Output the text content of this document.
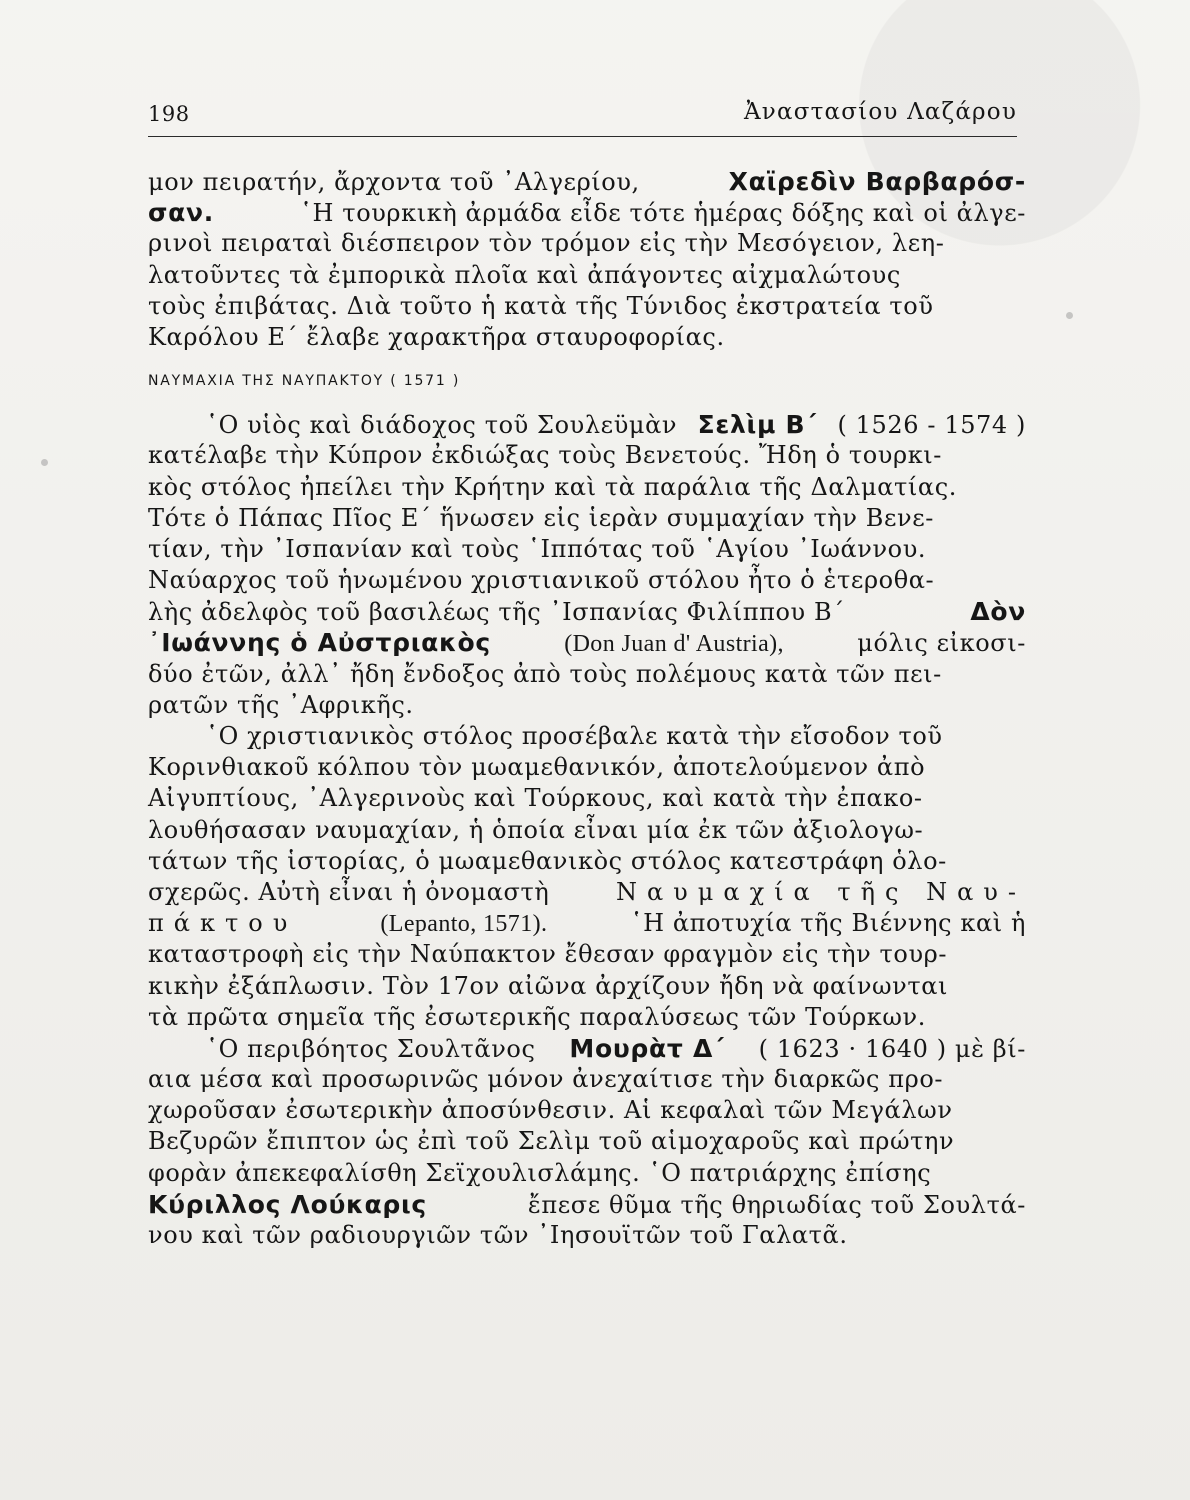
198	Ἀναστασίου Λαζάρου
μον πειρατήν, ἄρχοντα τοῦ ᾿Αλγερίου,	Χαϊρεδὶν Βαρβαρόσ-
σαν.	῾Η τουρκικὴ ἀρμάδα εἶδε τότε ἡμέρας δόξης καὶ οἱ ἀλγε-
ρινοὶ πειραταὶ διέσπειρον τὸν τρόμον εἰς τὴν Μεσόγειον, λεη-
λατοῦντες τὰ ἐμπορικὰ πλοῖα καὶ ἀπάγοντες αἰχμαλώτους
τοὺς ἐπιβάτας. Διὰ τοῦτο ἡ κατὰ τῆς Τύνιδος ἐκστρατεία τοῦ
Καρόλου Ε΄ ἔλαβε χαρακτῆρα σταυροφορίας.
ΝΑΥΜΑΧΙΑ ΤΗΣ ΝΑΥΠΑΚΤΟΥ ( 1571 )
῾Ο υἱὸς καὶ διάδοχος τοῦ Σουλεϋμὰν Σελὶμ Β΄ ( 1526 - 1574 )
κατέλαβε τὴν Κύπρον ἐκδιώξας τοὺς Βενετούς. Ἤδη ὁ τουρκι-
κὸς στόλος ἠπείλει τὴν Κρήτην καὶ τὰ παράλια τῆς Δαλματίας.
Τότε ὁ Πάπας Πῖος Ε΄ ἥνωσεν εἰς ἱερὰν συμμαχίαν τὴν Βενε-
τίαν, τὴν ᾿Ισπανίαν καὶ τοὺς ῾Ιππότας τοῦ ῾Αγίου ᾿Ιωάννου.
Ναύαρχος τοῦ ἡνωμένου χριστιανικοῦ στόλου ἦτο ὁ ἑτεροθα-
λὴς ἀδελφὸς τοῦ βασιλέως τῆς ᾿Ισπανίας Φιλίππου Β΄	Δὸν
᾿Ιωάννης ὁ Αὐστριακὸς	(Don Juan d' Austria),	μόλις εἰκοσι-
δύο ἐτῶν, ἀλλ᾿ ἤδη ἔνδοξος ἀπὸ τοὺς πολέμους κατὰ τῶν πει-
ρατῶν τῆς ᾿Αφρικῆς.
῾Ο χριστιανικὸς στόλος προσέβαλε κατὰ τὴν εἴσοδον τοῦ
Κορινθιακοῦ κόλπου τὸν μωαμεθανικόν, ἀποτελούμενον ἀπὸ
Αἰγυπτίους, ᾿Αλγερινοὺς καὶ Τούρκους, καὶ κατὰ τὴν ἐπακο-
λουθήσασαν ναυμαχίαν, ἡ ὁποία εἶναι μία ἐκ τῶν ἀξιολογω-
τάτων τῆς ἱστορίας, ὁ μωαμεθανικὸς στόλος κατεστράφη ὁλο-
σχερῶς. Αὐτὴ εἶναι ἡ ὀνομαστὴ	Ναυμαχία τῆς Ναυ-
πάκτου	(Lepanto, 1571).	῾Η ἀποτυχία τῆς Βιέννης καὶ ἡ
καταστροφὴ εἰς τὴν Ναύπακτον ἔθεσαν φραγμὸν εἰς τὴν τουρ-
κικὴν ἐξάπλωσιν. Τὸν 17ον αἰῶνα ἀρχίζουν ἤδη νὰ φαίνωνται
τὰ πρῶτα σημεῖα τῆς ἐσωτερικῆς παραλύσεως τῶν Τούρκων.
῾Ο περιβόητος Σουλτᾶνος Μουρὰτ Δ΄ ( 1623 · 1640 ) μὲ βί-
αια μέσα καὶ προσωρινῶς μόνον ἀνεχαίτισε τὴν διαρκῶς προ-
χωροῦσαν ἐσωτερικὴν ἀποσύνθεσιν. Αἱ κεφαλαὶ τῶν Μεγάλων
Βεζυρῶν ἔπιπτον ὡς ἐπὶ τοῦ Σελὶμ τοῦ αἱμοχαροῦς καὶ πρώτην
φορὰν ἀπεκεφαλίσθη Σεϊχουλισλάμης. ῾Ο πατριάρχης ἐπίσης
Κύριλλος Λούκαρις	ἔπεσε θῦμα τῆς θηριωδίας τοῦ Σουλτά-
νου καὶ τῶν ραδιουργιῶν τῶν ᾿Ιησουϊτῶν τοῦ Γαλατᾶ.
